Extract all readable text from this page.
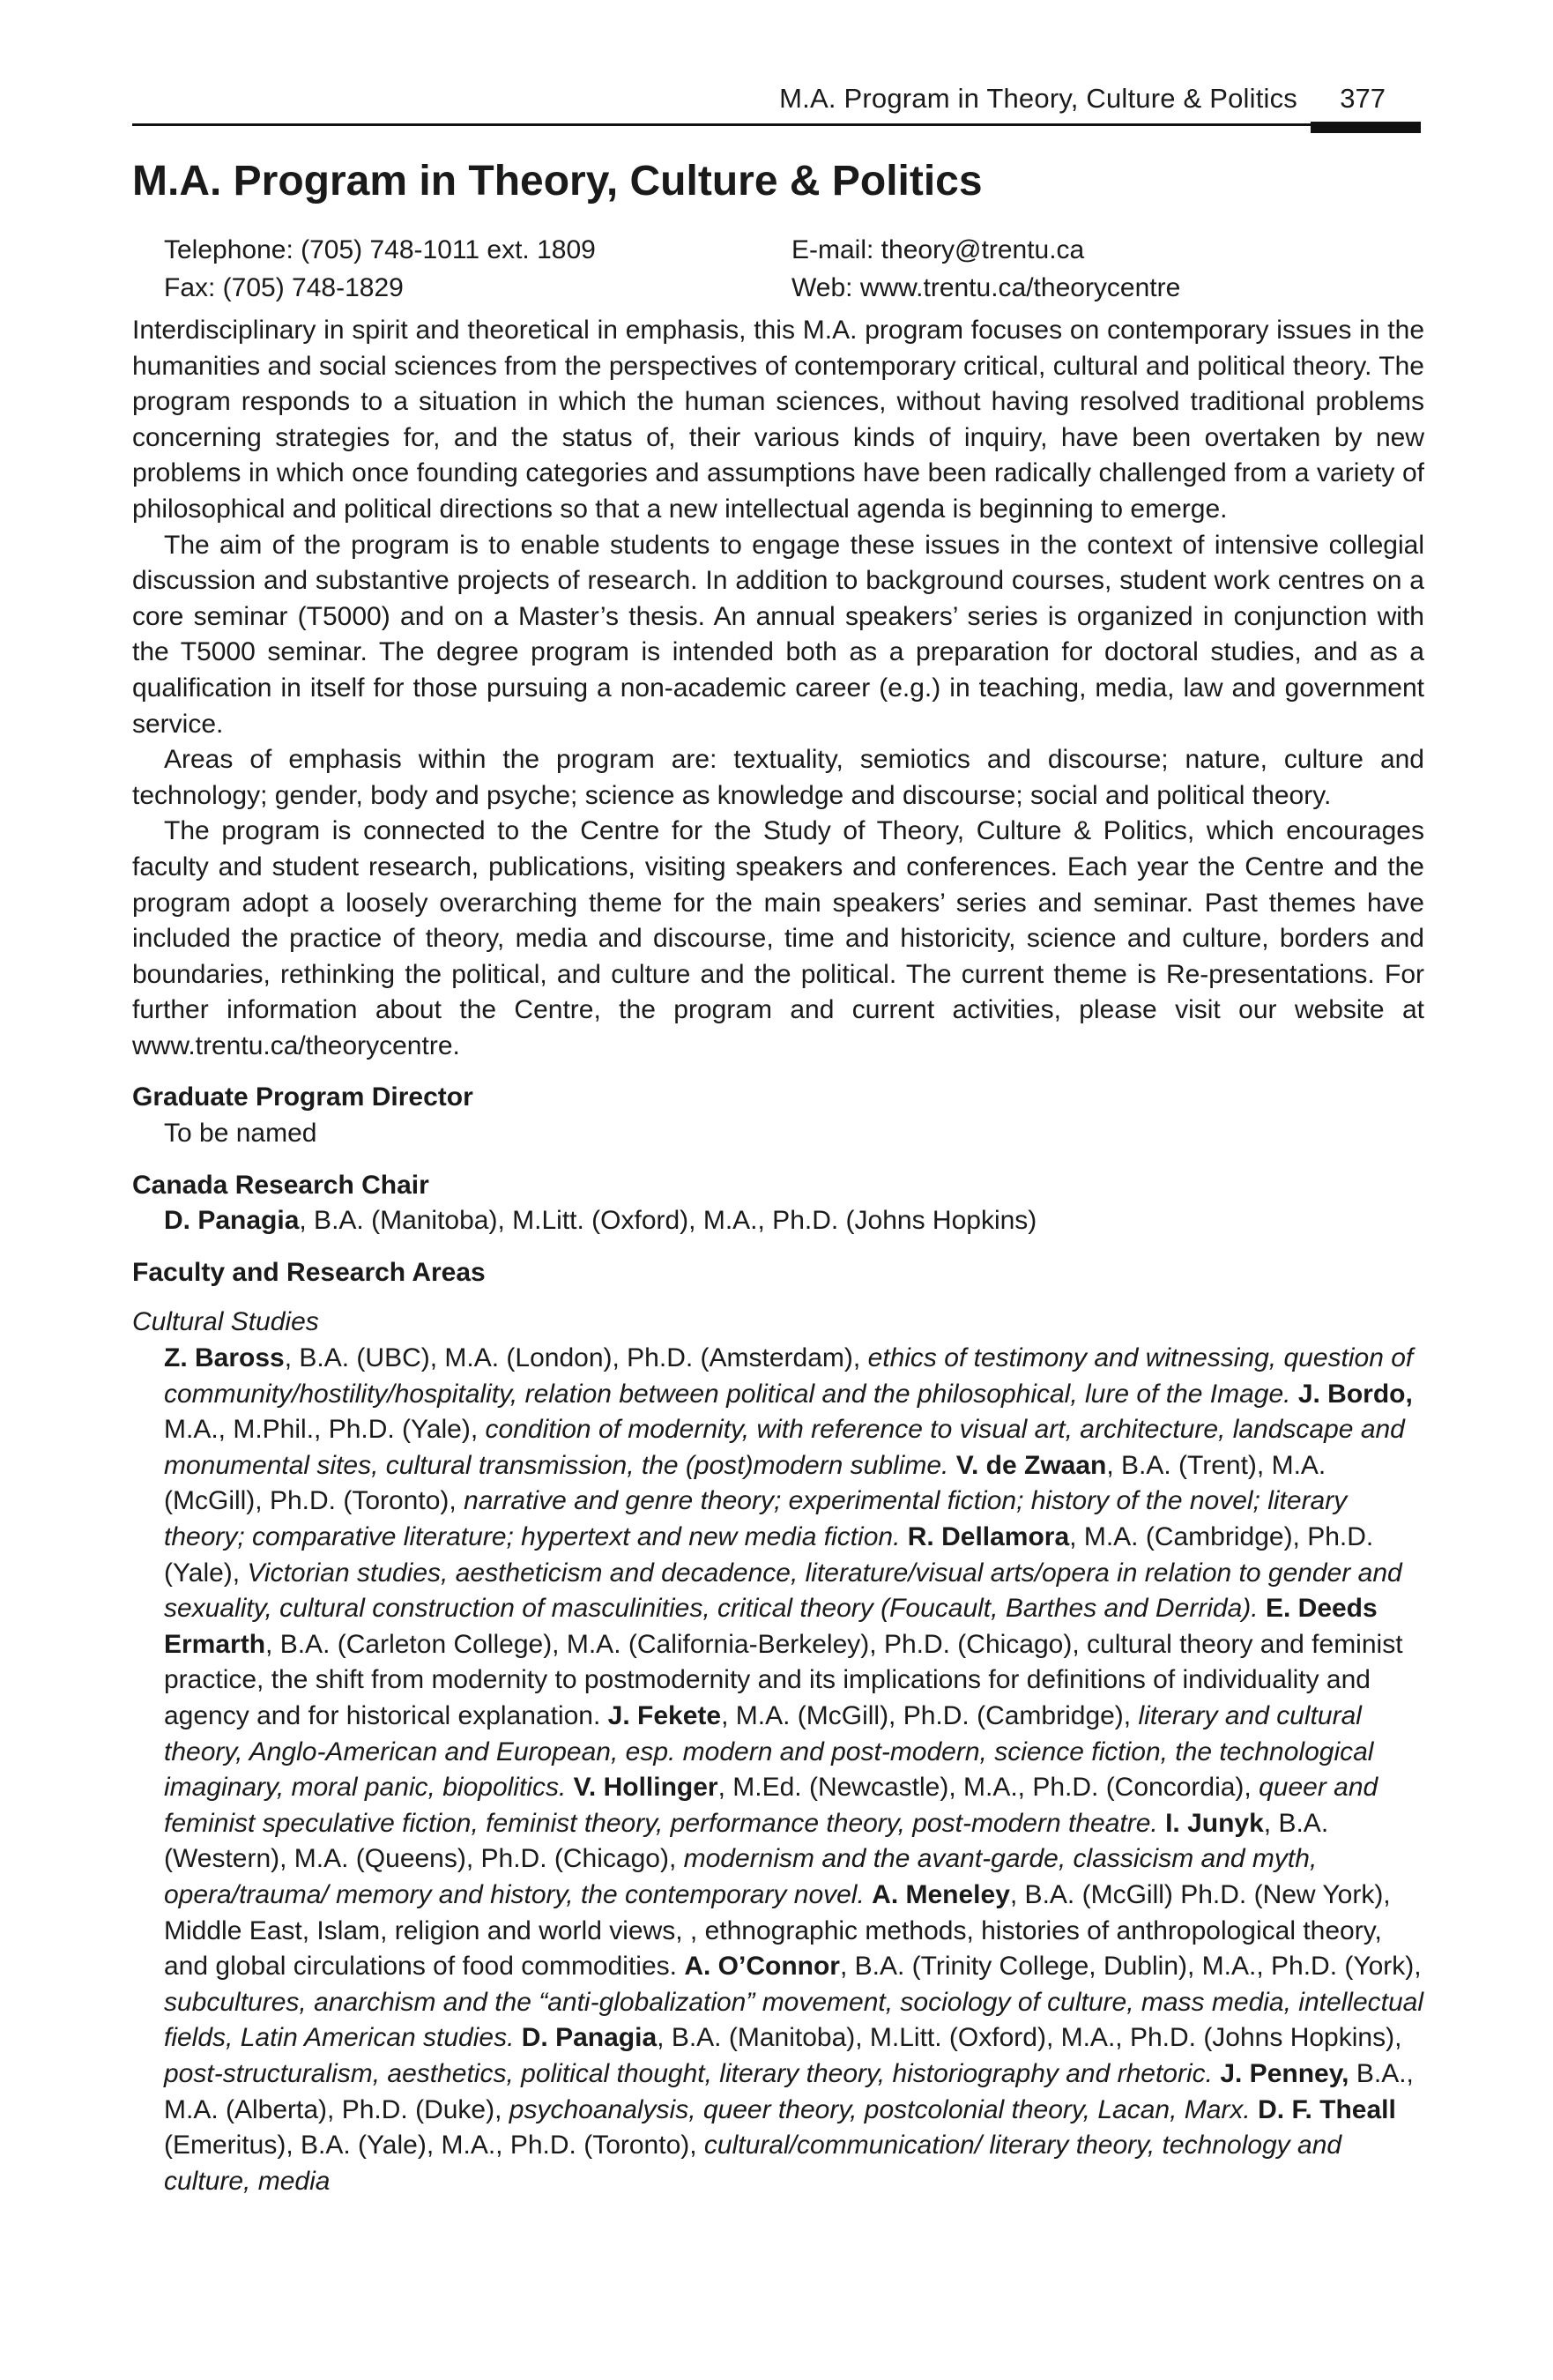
M.A. Program in Theory, Culture & Politics 377
M.A. Program in Theory, Culture & Politics
Telephone: (705) 748-1011 ext. 1809
Fax: (705) 748-1829
E-mail: theory@trentu.ca
Web: www.trentu.ca/theorycentre

Interdisciplinary in spirit and theoretical in emphasis, this M.A. program focuses on contemporary issues in the humanities and social sciences from the perspectives of contemporary critical, cultural and political theory. The program responds to a situation in which the human sciences, without having resolved traditional problems concerning strategies for, and the status of, their various kinds of inquiry, have been overtaken by new problems in which once founding categories and assumptions have been radically challenged from a variety of philosophical and political directions so that a new intellectual agenda is beginning to emerge.

The aim of the program is to enable students to engage these issues in the context of intensive collegial discussion and substantive projects of research. In addition to background courses, student work centres on a core seminar (T5000) and on a Master’s thesis. An annual speakers’ series is organized in conjunction with the T5000 seminar. The degree program is intended both as a preparation for doctoral studies, and as a qualification in itself for those pursuing a non-academic career (e.g.) in teaching, media, law and government service.

Areas of emphasis within the program are: textuality, semiotics and discourse; nature, culture and technology; gender, body and psyche; science as knowledge and discourse; social and political theory.

The program is connected to the Centre for the Study of Theory, Culture & Politics, which encourages faculty and student research, publications, visiting speakers and conferences. Each year the Centre and the program adopt a loosely overarching theme for the main speakers’ series and seminar. Past themes have included the practice of theory, media and discourse, time and historicity, science and culture, borders and boundaries, rethinking the political, and culture and the political. The current theme is Re-presentations. For further information about the Centre, the program and current activities, please visit our website at www.trentu.ca/theorycentre.

Graduate Program Director
To be named
Canada Research Chair
D. Panagia, B.A. (Manitoba), M.Litt. (Oxford), M.A., Ph.D. (Johns Hopkins)
Faculty and Research Areas
Cultural Studies
Z. Baross, B.A. (UBC), M.A. (London), Ph.D. (Amsterdam), ethics of testimony and witnessing, question of community/hostility/hospitality, relation between political and the philosophical, lure of the Image. J. Bordo, M.A., M.Phil., Ph.D. (Yale), condition of modernity, with reference to visual art, architecture, landscape and monumental sites, cultural transmission, the (post)modern sublime. V. de Zwaan, B.A. (Trent), M.A. (McGill), Ph.D. (Toronto), narrative and genre theory; experimental fiction; history of the novel; literary theory; comparative literature; hypertext and new media fiction. R. Dellamora, M.A. (Cambridge), Ph.D. (Yale), Victorian studies, aestheticism and decadence, literature/visual arts/opera in relation to gender and sexuality, cultural construction of masculinities, critical theory (Foucault, Barthes and Derrida). E. Deeds Ermarth, B.A. (Carleton College), M.A. (California-Berkeley), Ph.D. (Chicago), cultural theory and feminist practice, the shift from modernity to postmodernity and its implications for definitions of individuality and agency and for historical explanation. J. Fekete, M.A. (McGill), Ph.D. (Cambridge), literary and cultural theory, Anglo-American and European, esp. modern and post-modern, science fiction, the technological imaginary, moral panic, biopolitics. V. Hollinger, M.Ed. (Newcastle), M.A., Ph.D. (Concordia), queer and feminist speculative fiction, feminist theory, performance theory, post-modern theatre. I. Junyk, B.A. (Western), M.A. (Queens), Ph.D. (Chicago), modernism and the avant-garde, classicism and myth, opera/trauma/ memory and history, the contemporary novel. A. Meneley, B.A. (McGill) Ph.D. (New York), Middle East, Islam, religion and world views, , ethnographic methods, histories of anthropological theory, and global circulations of food commodities. A. O’Connor, B.A. (Trinity College, Dublin), M.A., Ph.D. (York), subcultures, anarchism and the “anti-globalization” movement, sociology of culture, mass media, intellectual fields, Latin American studies. D. Panagia, B.A. (Manitoba), M.Litt. (Oxford), M.A., Ph.D. (Johns Hopkins), post-structuralism, aesthetics, political thought, literary theory, historiography and rhetoric. J. Penney, B.A., M.A. (Alberta), Ph.D. (Duke), psychoanalysis, queer theory, postcolonial theory, Lacan, Marx. D. F. Theall (Emeritus), B.A. (Yale), M.A., Ph.D. (Toronto), cultural/communication/ literary theory, technology and culture, media
